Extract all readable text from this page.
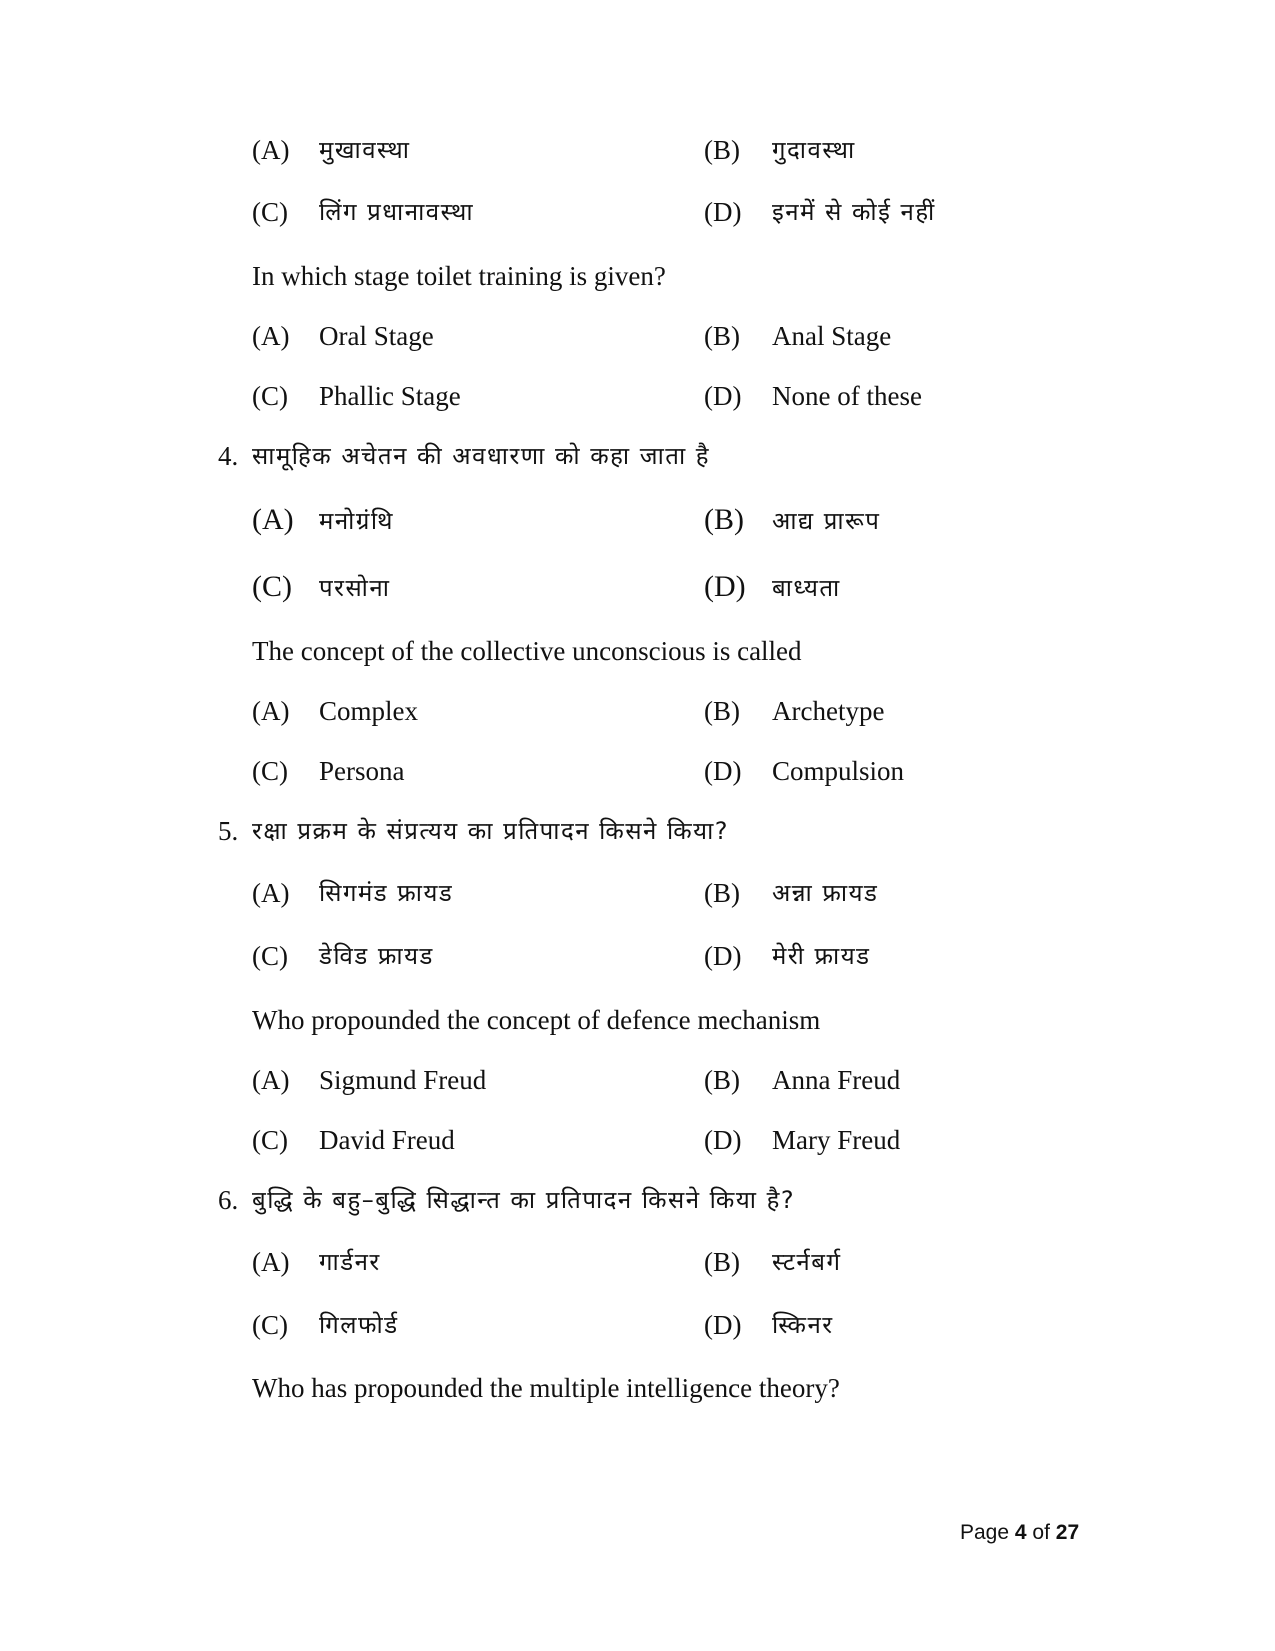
(A) मुखावस्था	(B) गुदावस्था
(C) लिंग प्रधानावस्था	(D) इनमें से कोई नहीं
In which stage toilet training is given?
(A) Oral Stage	(B) Anal Stage
(C) Phallic Stage	(D) None of these
4. सामूहिक अचेतन की अवधारणा को कहा जाता है
(A) मनोग्रंथि	(B) आद्य प्रारूप
(C) परसोना	(D) बाध्यता
The concept of the collective unconscious is called
(A) Complex	(B) Archetype
(C) Persona	(D) Compulsion
5. रक्षा प्रक्रम के संप्रत्यय का प्रतिपादन किसने किया?
(A) सिगमंड फ्रायड	(B) अन्ना फ्रायड
(C) डेविड फ्रायड	(D) मेरी फ्रायड
Who propounded the concept of defence mechanism
(A) Sigmund Freud	(B) Anna Freud
(C) David Freud	(D) Mary Freud
6. बुद्धि के बहु–बुद्धि सिद्धान्त का प्रतिपादन किसने किया है?
(A) गार्डनर	(B) स्टर्नबर्ग
(C) गिलफोर्ड	(D) स्किनर
Who has propounded the multiple intelligence theory?
Page 4 of 27
